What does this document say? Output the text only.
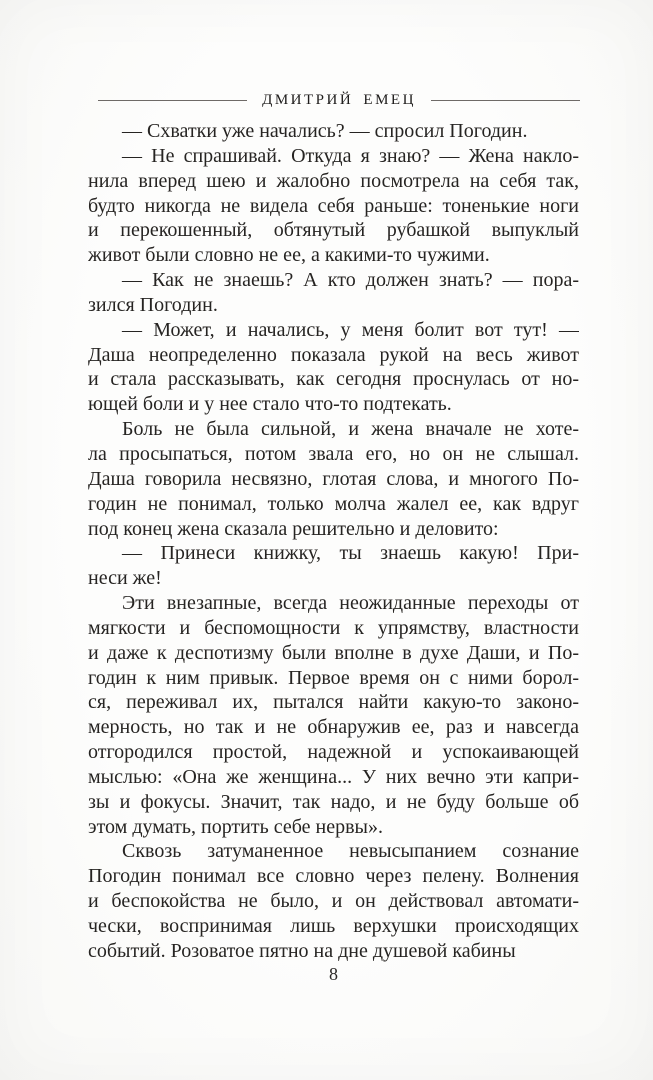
ДМИТРИЙ ЕМЕЦ
— Схватки уже начались? — спросил Погодин.
— Не спрашивай. Откуда я знаю? — Жена накло-
нила вперед шею и жалобно посмотрела на себя так,
будто никогда не видела себя раньше: тоненькие ноги
и перекошенный, обтянутый рубашкой выпуклый
живот были словно не ее, а какими-то чужими.
— Как не знаешь? А кто должен знать? — пора-
зился Погодин.
— Может, и начались, у меня болит вот тут! —
Даша неопределенно показала рукой на весь живот
и стала рассказывать, как сегодня проснулась от но-
ющей боли и у нее стало что-то подтекать.
Боль не была сильной, и жена вначале не хоте-
ла просыпаться, потом звала его, но он не слышал.
Даша говорила несвязно, глотая слова, и многого По-
годин не понимал, только молча жалел ее, как вдруг
под конец жена сказала решительно и деловито:
— Принеси книжку, ты знаешь какую! При-
неси же!
Эти внезапные, всегда неожиданные переходы от
мягкости и беспомощности к упрямству, властности
и даже к деспотизму были вполне в духе Даши, и По-
годин к ним привык. Первое время он с ними борол-
ся, переживал их, пытался найти какую-то законо-
мерность, но так и не обнаружив ее, раз и навсегда
отгородился простой, надежной и успокаивающей
мыслью: «Она же женщина... У них вечно эти капри-
зы и фокусы. Значит, так надо, и не буду больше об
этом думать, портить себе нервы».
Сквозь затуманенное невысыпанием сознание
Погодин понимал все словно через пелену. Волнения
и беспокойства не было, и он действовал автомати-
чески, воспринимая лишь верхушки происходящих
событий. Розоватое пятно на дне душевой кабины
8
